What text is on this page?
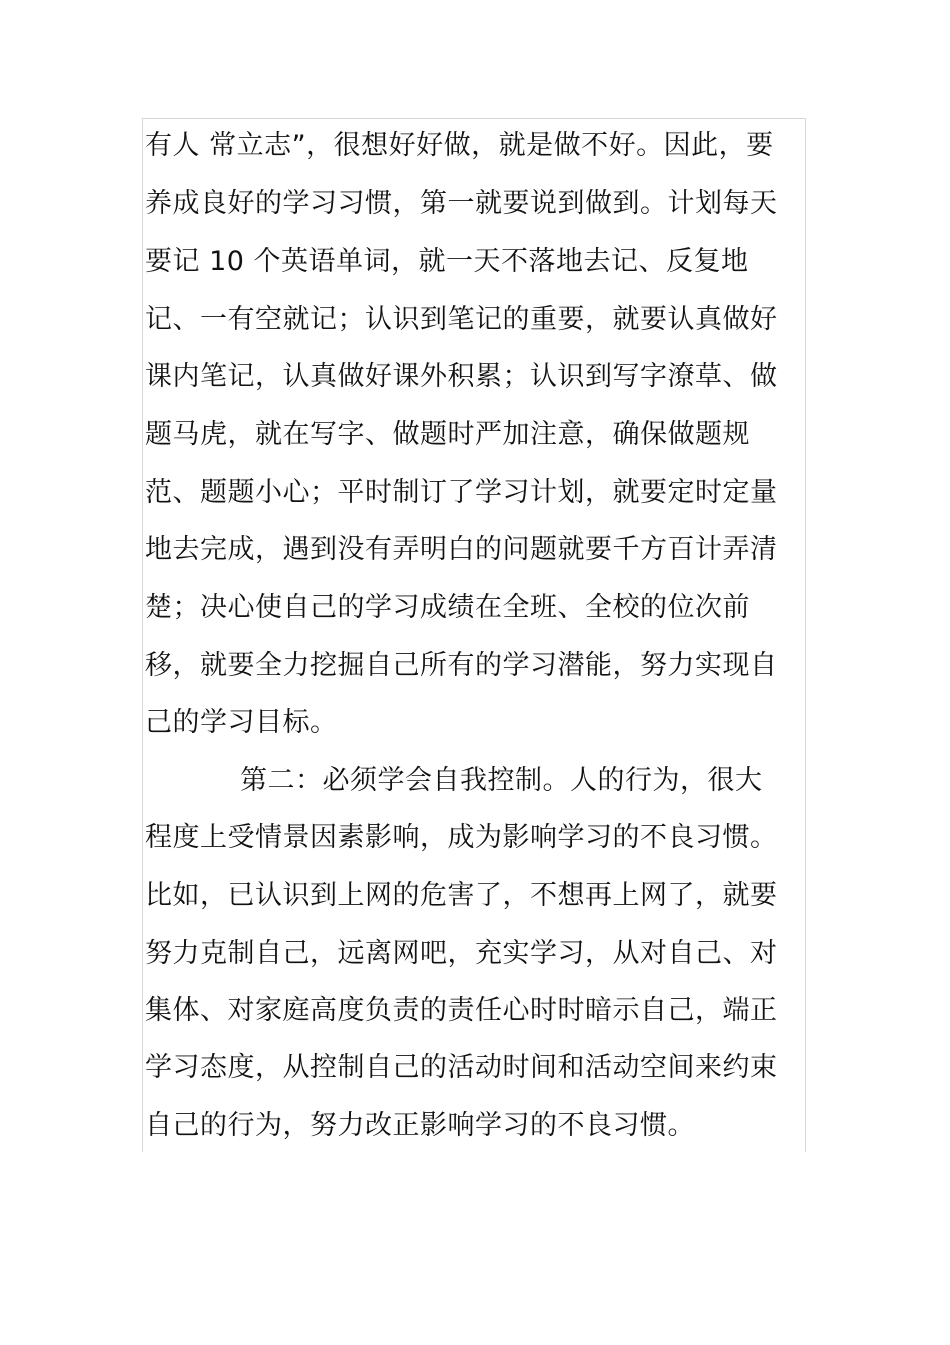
有人 常立志”，很想好好做，就是做不好。因此，要
养成良好的学习习惯，第一就要说到做到。计划每天
要记 10 个英语单词，就一天不落地去记、反复地
记、一有空就记；认识到笔记的重要，就要认真做好
课内笔记，认真做好课外积累；认识到写字潦草、做
题马虎，就在写字、做题时严加注意，确保做题规
范、题题小心；平时制订了学习计划，就要定时定量
地去完成，遇到没有弄明白的问题就要千方百计弄清
楚；决心使自己的学习成绩在全班、全校的位次前
移，就要全力挖掘自己所有的学习潜能，努力实现自
己的学习目标。
第二：必须学会自我控制。人的行为，很大
程度上受情景因素影响，成为影响学习的不良习惯。
比如，已认识到上网的危害了，不想再上网了，就要
努力克制自己，远离网吧，充实学习，从对自己、对
集体、对家庭高度负责的责任心时时暗示自己，端正
学习态度，从控制自己的活动时间和活动空间来约束
自己的行为，努力改正影响学习的不良习惯。
